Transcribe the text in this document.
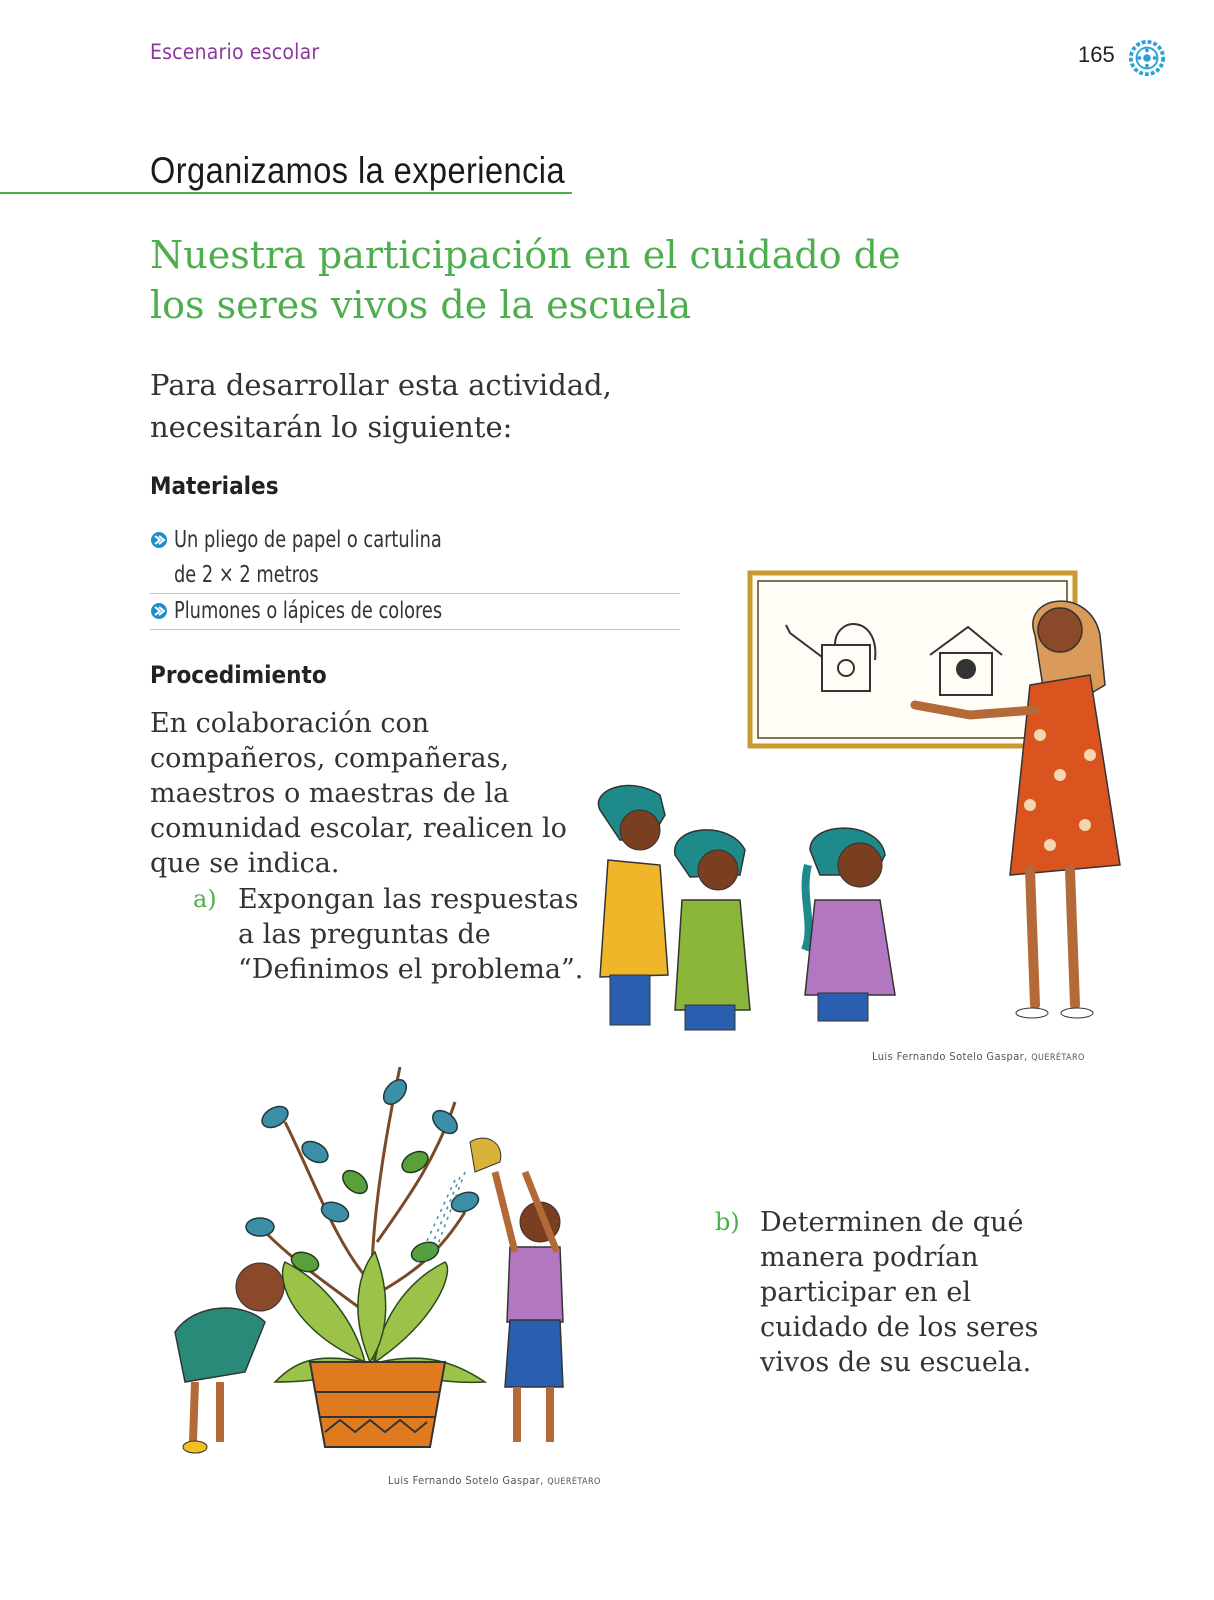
Escenario escolar	165
Organizamos la experiencia
Nuestra participación en el cuidado de los seres vivos de la escuela
Para desarrollar esta actividad, necesitarán lo siguiente:
Materiales
Un pliego de papel o cartulina
de 2 × 2 metros
Plumones o lápices de colores
Procedimiento
En colaboración con compañeros, compañeras, maestros o maestras de la comunidad escolar, realicen lo que se indica.
a) Expongan las respuestas a las preguntas de “Definimos el problema”.
b) Determinen de qué manera podrían participar en el cuidado de los seres vivos de su escuela.
Luis Fernando Sotelo Gaspar, QUERÉTARO
Luis Fernando Sotelo Gaspar, QUERÉTARO
